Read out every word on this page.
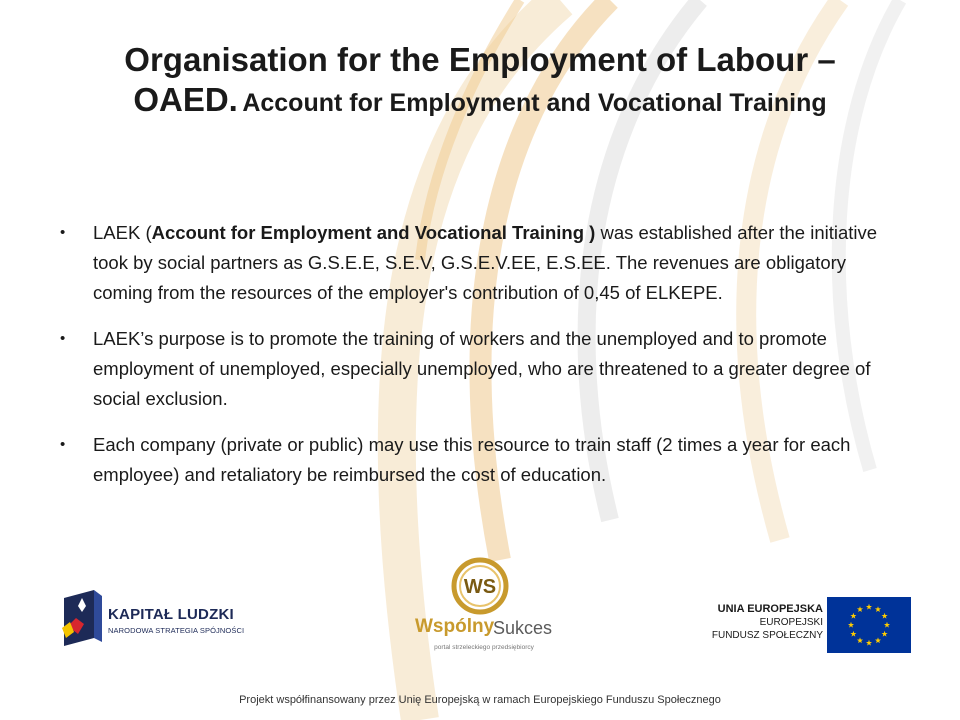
Organisation for the Employment of Labour –
OAED. Account for Employment and Vocational Training
• LAEK (Account for Employment and Vocational Training ) was established after the initiative took by social partners as G.S.E.E, S.E.V, G.S.E.V.EE, E.S.EE. The revenues are obligatory coming from the resources of the employer's contribution of 0,45 of ELKEPE.
• LAEK’s purpose is to promote the training of workers and the unemployed and to promote employment of unemployed, especially unemployed, who are threatened to a greater degree of social exclusion.
• Each company (private or public) may use this resource to train staff (2 times a year for each employee) and retaliatory be reimbursed the cost of education.
KAPITAŁ LUDZKI
NARODOWA STRATEGIA SPÓJNOŚCI
WS
Wspólny
Sukces
portal strzeleckiego przedsiębiorcy
UNIA EUROPEJSKA
EUROPEJSKI
FUNDUSZ SPOŁECZNY
Projekt współfinansowany przez Unię Europejską w ramach Europejskiego Funduszu Społecznego
